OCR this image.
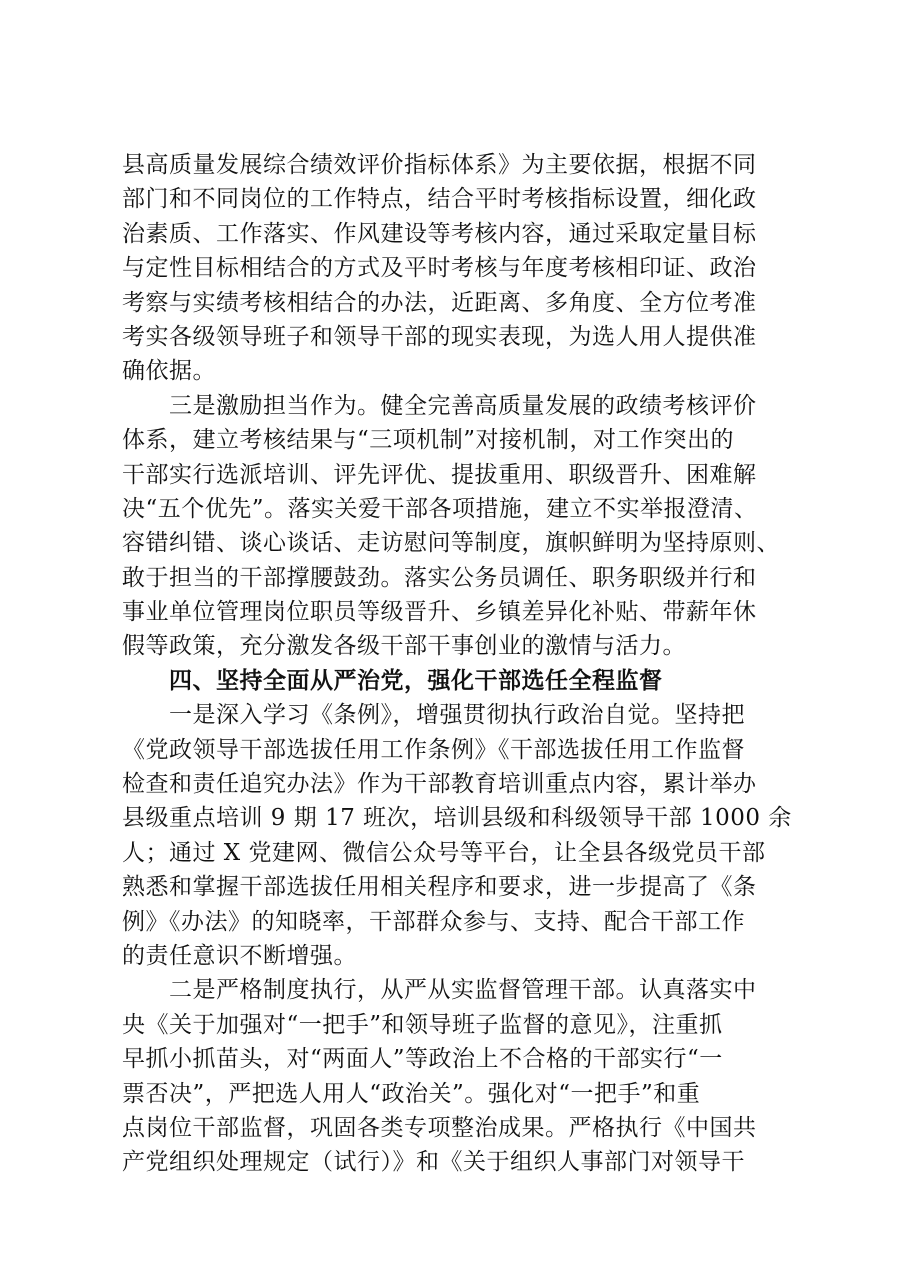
县高质量发展综合绩效评价指标体系》为主要依据，根据不同
部门和不同岗位的工作特点，结合平时考核指标设置，细化政
治素质、工作落实、作风建设等考核内容，通过采取定量目标
与定性目标相结合的方式及平时考核与年度考核相印证、政治
考察与实绩考核相结合的办法，近距离、多角度、全方位考准
考实各级领导班子和领导干部的现实表现，为选人用人提供准
确依据。
　　三是激励担当作为。健全完善高质量发展的政绩考核评价
体系，建立考核结果与“三项机制”对接机制，对工作突出的
干部实行选派培训、评先评优、提拔重用、职级晋升、困难解
决“五个优先”。落实关爱干部各项措施，建立不实举报澄清、
容错纠错、谈心谈话、走访慰问等制度，旗帜鲜明为坚持原则、
敢于担当的干部撑腰鼓劲。落实公务员调任、职务职级并行和
事业单位管理岗位职员等级晋升、乡镇差异化补贴、带薪年休
假等政策，充分激发各级干部干事创业的激情与活力。
　　四、坚持全面从严治党，强化干部选任全程监督
　　一是深入学习《条例》，增强贯彻执行政治自觉。坚持把
《党政领导干部选拔任用工作条例》《干部选拔任用工作监督
检查和责任追究办法》作为干部教育培训重点内容，累计举办
县级重点培训 9 期 17 班次，培训县级和科级领导干部 1000 余
人；通过 X 党建网、微信公众号等平台，让全县各级党员干部
熟悉和掌握干部选拔任用相关程序和要求，进一步提高了《条
例》《办法》的知晓率，干部群众参与、支持、配合干部工作
的责任意识不断增强。
　　二是严格制度执行，从严从实监督管理干部。认真落实中
央《关于加强对“一把手”和领导班子监督的意见》，注重抓
早抓小抓苗头，对“两面人”等政治上不合格的干部实行“一
票否决”，严把选人用人“政治关”。强化对“一把手”和重
点岗位干部监督，巩固各类专项整治成果。严格执行《中国共
产党组织处理规定（试行）》和《关于组织人事部门对领导干
